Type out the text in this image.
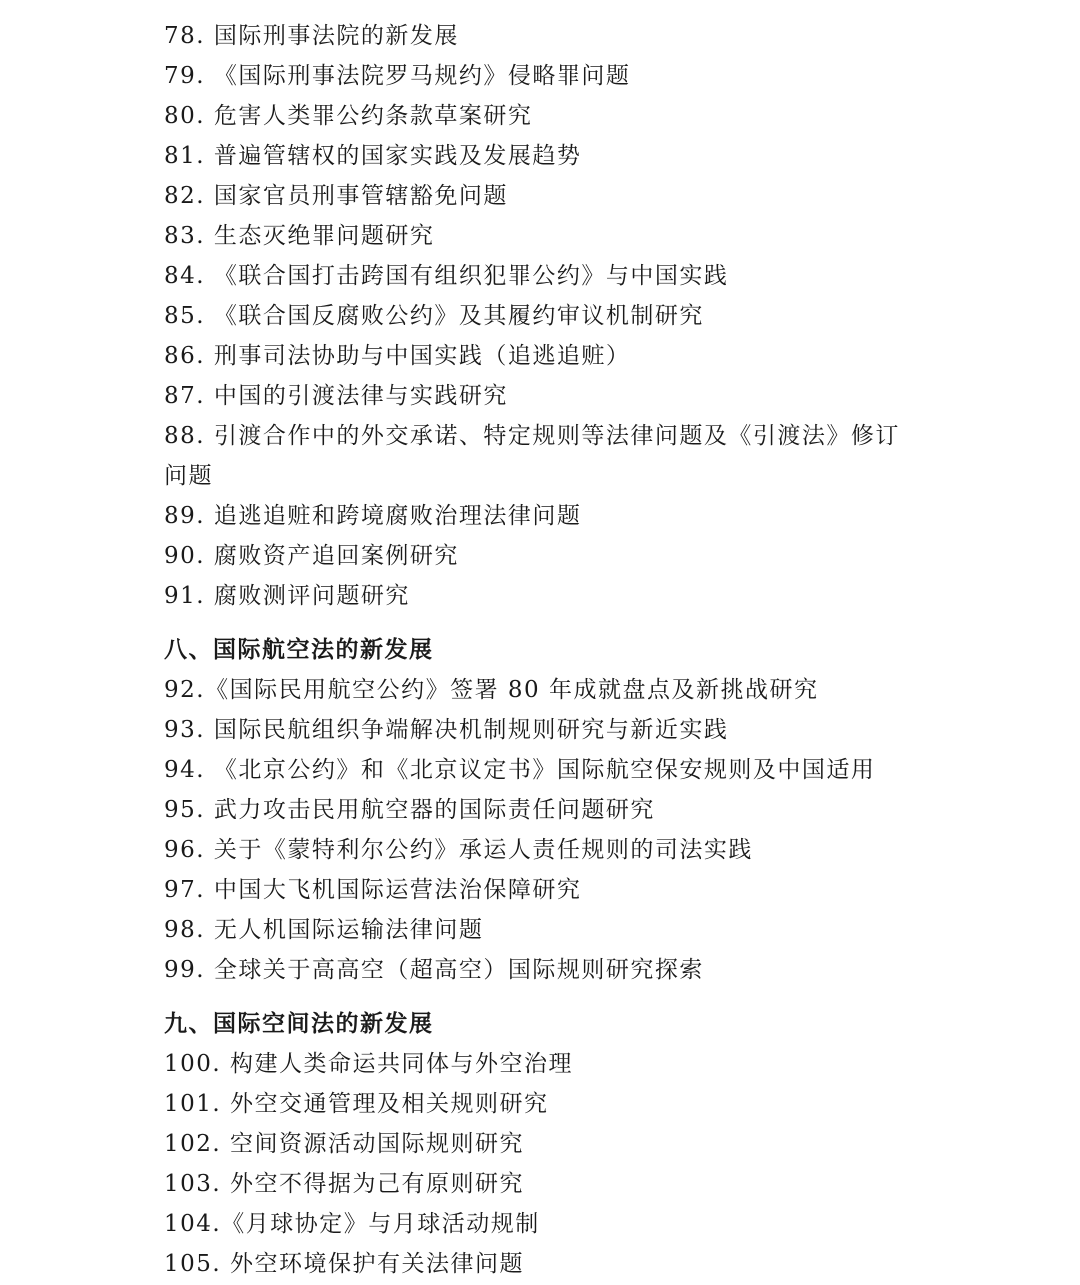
78. 国际刑事法院的新发展
79. 《国际刑事法院罗马规约》侵略罪问题
80. 危害人类罪公约条款草案研究
81. 普遍管辖权的国家实践及发展趋势
82. 国家官员刑事管辖豁免问题
83. 生态灭绝罪问题研究
84. 《联合国打击跨国有组织犯罪公约》与中国实践
85. 《联合国反腐败公约》及其履约审议机制研究
86. 刑事司法协助与中国实践（追逃追赃）
87. 中国的引渡法律与实践研究
88. 引渡合作中的外交承诺、特定规则等法律问题及《引渡法》修订问题
89. 追逃追赃和跨境腐败治理法律问题
90. 腐败资产追回案例研究
91. 腐败测评问题研究
八、国际航空法的新发展
92.《国际民用航空公约》签署 80 年成就盘点及新挑战研究
93. 国际民航组织争端解决机制规则研究与新近实践
94. 《北京公约》和《北京议定书》国际航空保安规则及中国适用
95. 武力攻击民用航空器的国际责任问题研究
96. 关于《蒙特利尔公约》承运人责任规则的司法实践
97. 中国大飞机国际运营法治保障研究
98. 无人机国际运输法律问题
99. 全球关于高高空（超高空）国际规则研究探索
九、国际空间法的新发展
100. 构建人类命运共同体与外空治理
101. 外空交通管理及相关规则研究
102. 空间资源活动国际规则研究
103. 外空不得据为己有原则研究
104.《月球协定》与月球活动规制
105. 外空环境保护有关法律问题
